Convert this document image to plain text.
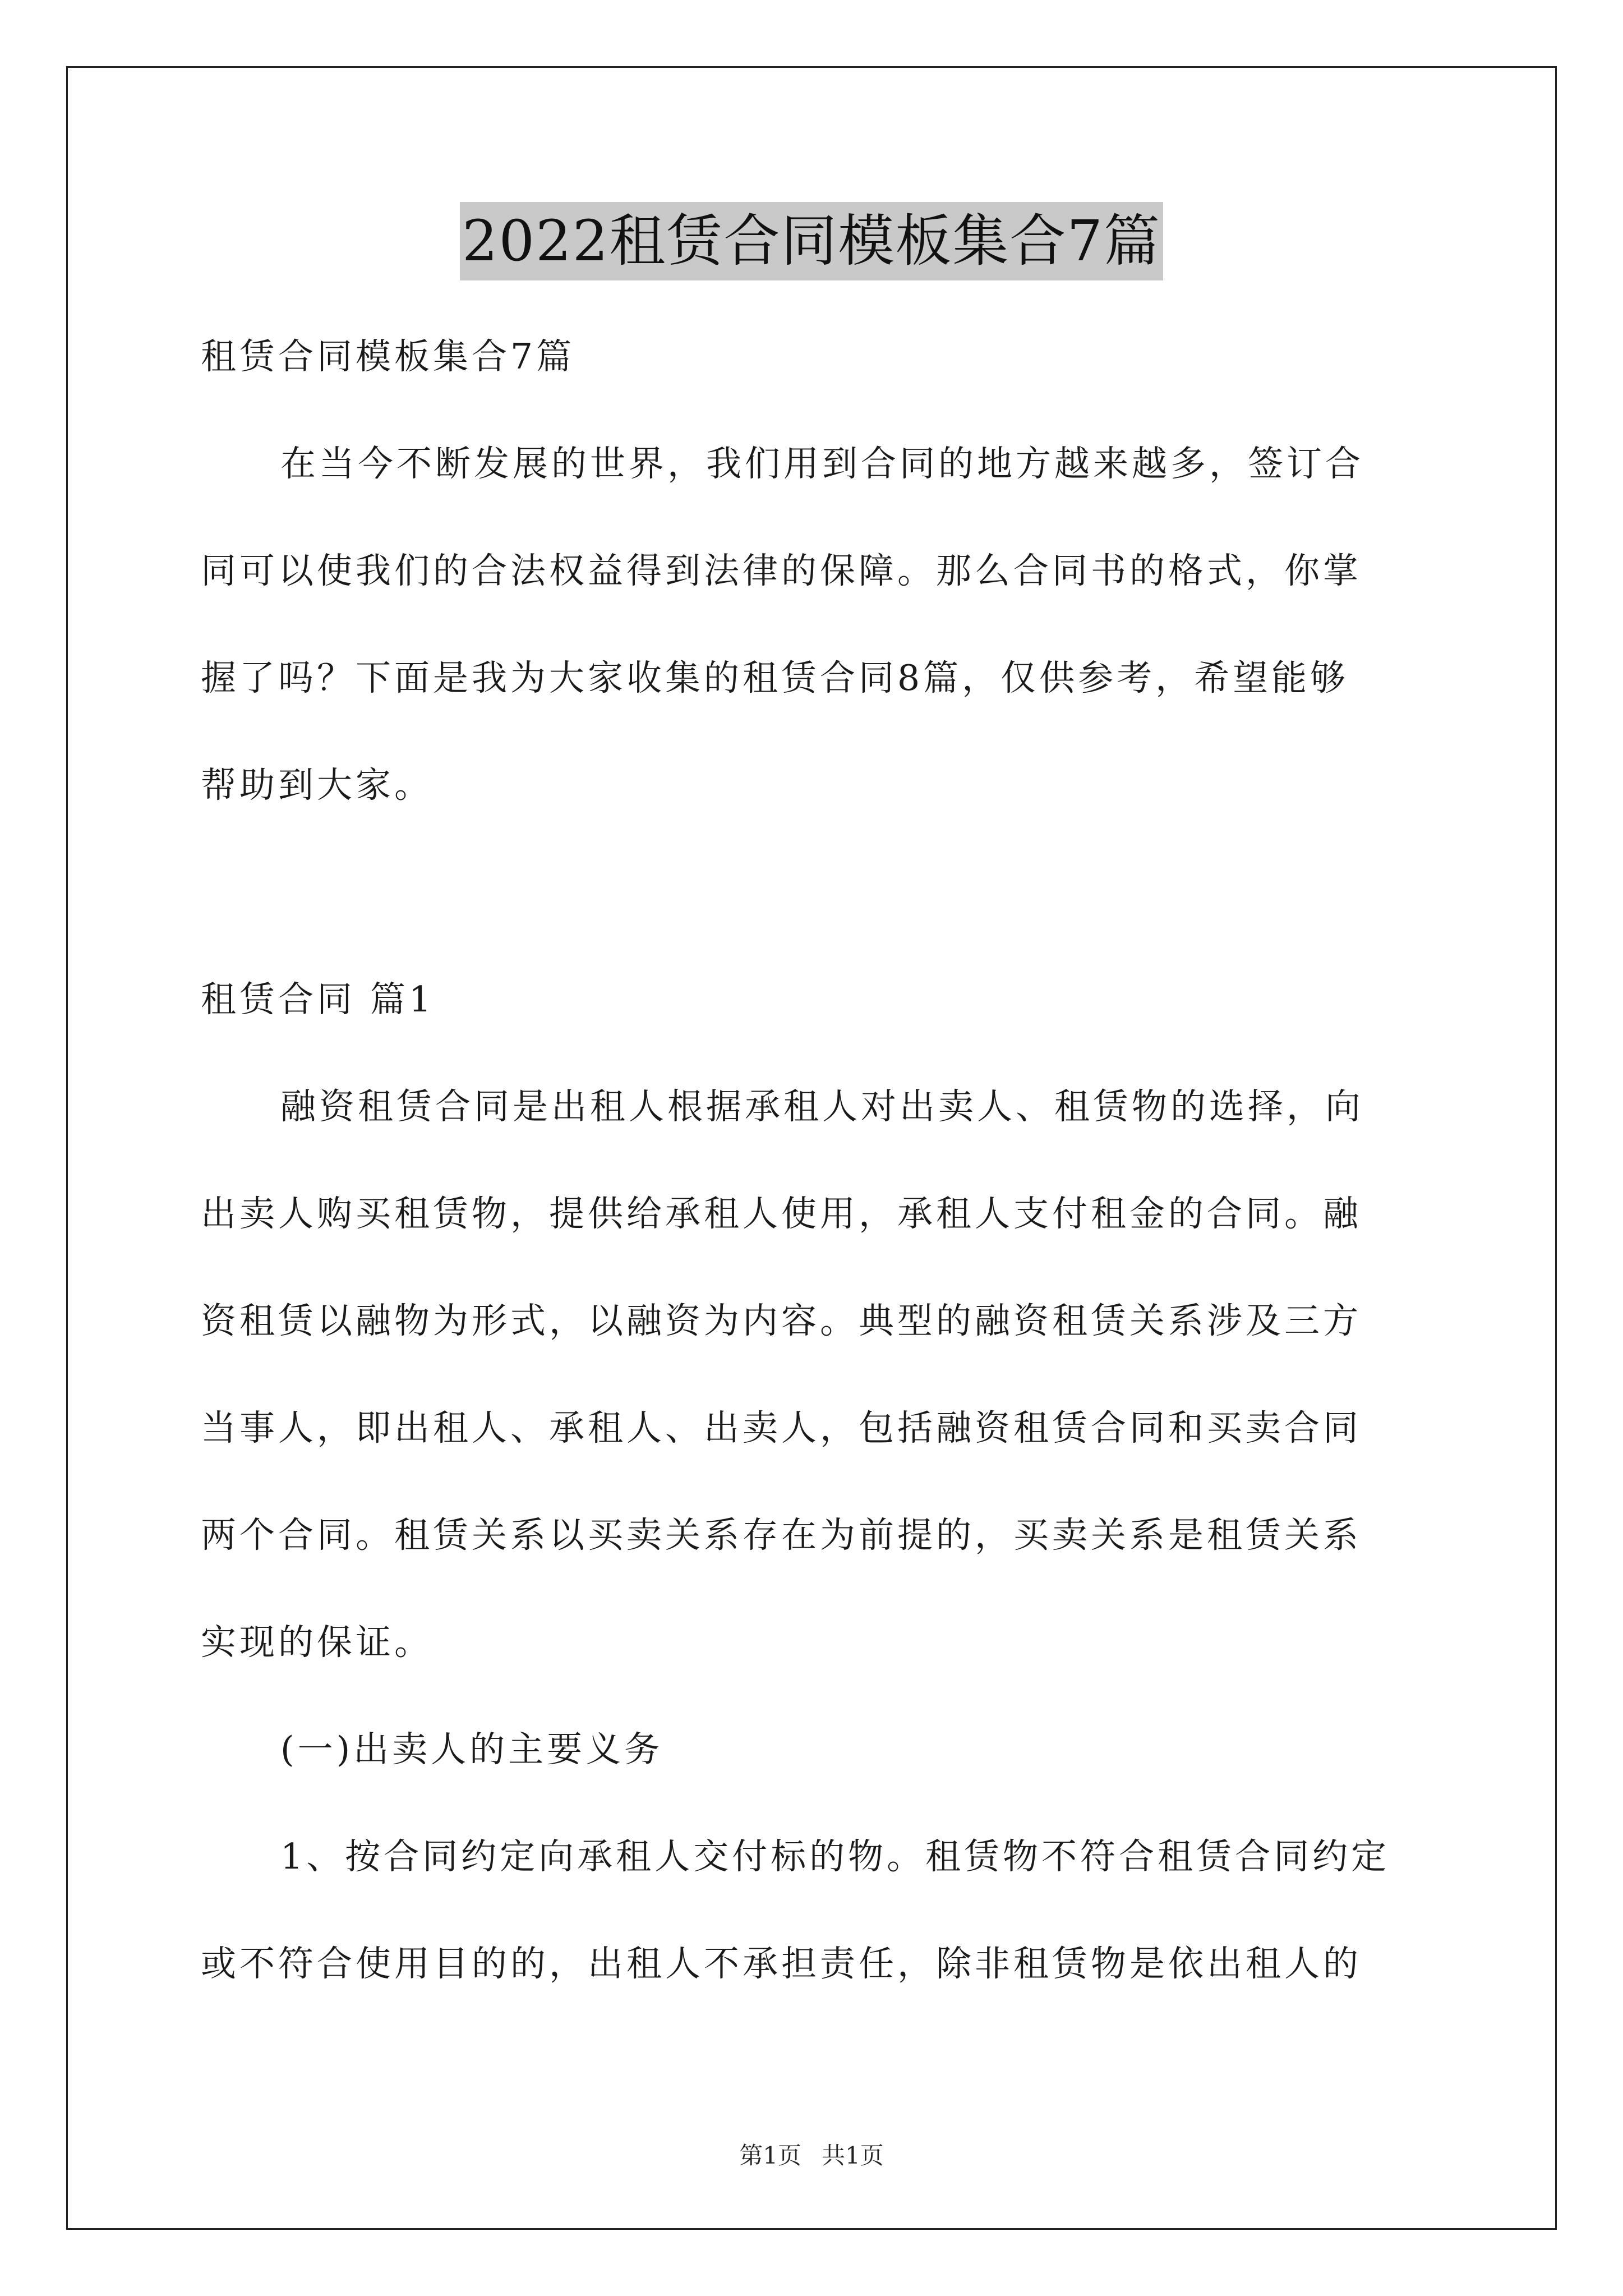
2022租赁合同模板集合7篇
租赁合同模板集合7篇
在当今不断发展的世界，我们用到合同的地方越来越多，签订合
同可以使我们的合法权益得到法律的保障。那么合同书的格式，你掌
握了吗？下面是我为大家收集的租赁合同8篇，仅供参考，希望能够
帮助到大家。
租赁合同 篇1
融资租赁合同是出租人根据承租人对出卖人、租赁物的选择，向
出卖人购买租赁物，提供给承租人使用，承租人支付租金的合同。融
资租赁以融物为形式，以融资为内容。典型的融资租赁关系涉及三方
当事人，即出租人、承租人、出卖人，包括融资租赁合同和买卖合同
两个合同。租赁关系以买卖关系存在为前提的，买卖关系是租赁关系
实现的保证。
(一)出卖人的主要义务
1、按合同约定向承租人交付标的物。租赁物不符合租赁合同约定
或不符合使用目的的，出租人不承担责任，除非租赁物是依出租人的
第1页 共1页
